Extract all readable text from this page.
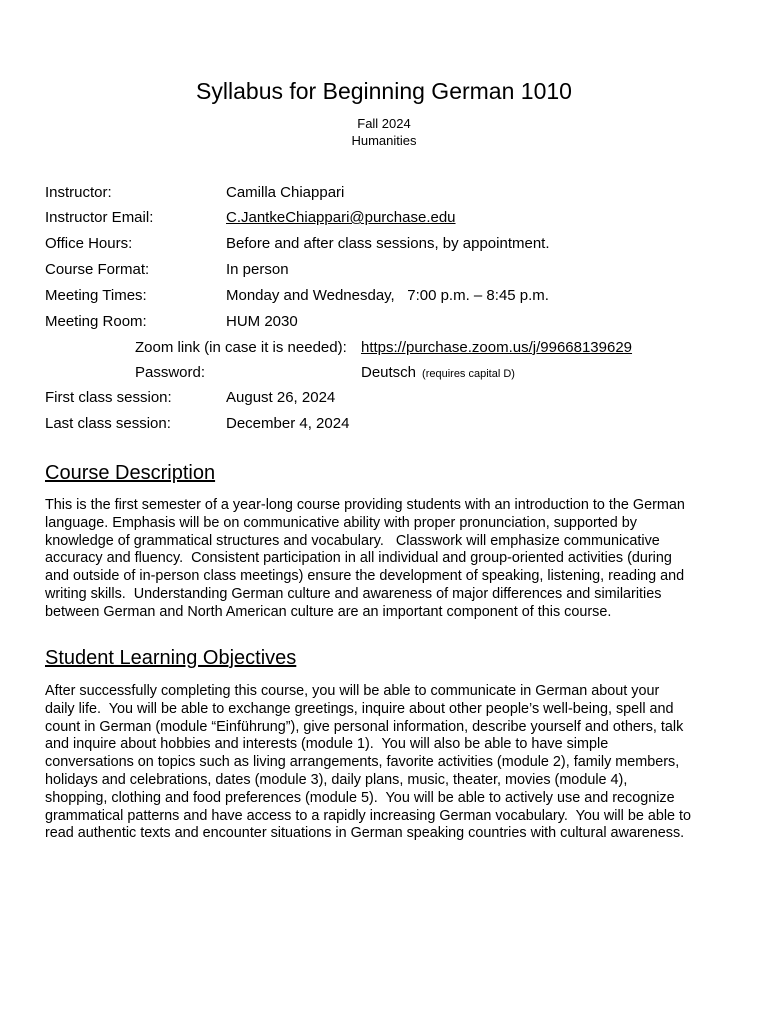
Syllabus for Beginning German 1010
Fall 2024
Humanities
Instructor:	Camilla Chiappari
Instructor Email:	C.JantkeChiappari@purchase.edu
Office Hours:	Before and after class sessions, by appointment.
Course Format:	In person
Meeting Times:	Monday and Wednesday,   7:00 p.m. – 8:45 p.m.
Meeting Room:	HUM 2030
Zoom link (in case it is needed): https://purchase.zoom.us/j/99668139629
Password:	Deutsch (requires capital D)
First class session:	August 26, 2024
Last class session:	December 4, 2024
Course Description
This is the first semester of a year-long course providing students with an introduction to the German
language. Emphasis will be on communicative ability with proper pronunciation, supported by
knowledge of grammatical structures and vocabulary.   Classwork will emphasize communicative
accuracy and fluency.  Consistent participation in all individual and group-oriented activities (during
and outside of in-person class meetings) ensure the development of speaking, listening, reading and
writing skills.  Understanding German culture and awareness of major differences and similarities
between German and North American culture are an important component of this course.
Student Learning Objectives
After successfully completing this course, you will be able to communicate in German about your
daily life.  You will be able to exchange greetings, inquire about other people’s well-being, spell and
count in German (module “Einführung”), give personal information, describe yourself and others, talk
and inquire about hobbies and interests (module 1).  You will also be able to have simple
conversations on topics such as living arrangements, favorite activities (module 2), family members,
holidays and celebrations, dates (module 3), daily plans, music, theater, movies (module 4),
shopping, clothing and food preferences (module 5).  You will be able to actively use and recognize
grammatical patterns and have access to a rapidly increasing German vocabulary.  You will be able to
read authentic texts and encounter situations in German speaking countries with cultural awareness.
